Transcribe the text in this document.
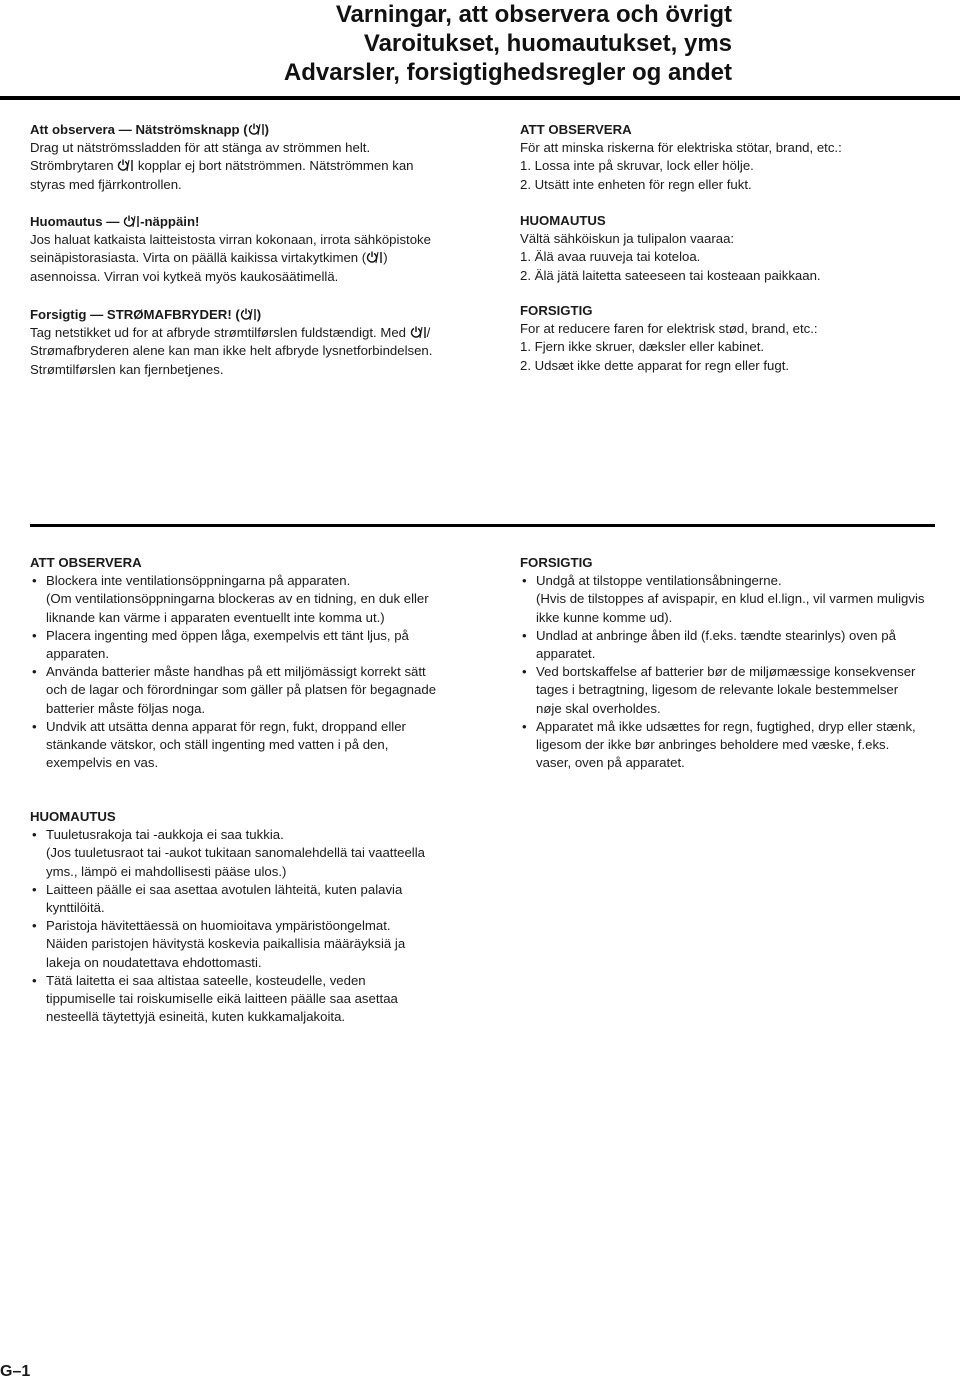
Varningar, att observera och övrigt
Varoitukset, huomautukset, yms
Advarsler, forsigtighedsregler og andet

Att observera — Nätströmsknapp ( )

Drag ut nätströmssladden för att stänga av strömmen helt.

Strömbrytaren kopplar ej bort nätströmmen. Nätströmmen kan

styras med fjärrkontrollen.

Huomautus — -näppäin!

Jos haluat katkaista laitteistosta virran kokonaan, irrota sähköpistoke

seinäpistorasiasta. Virta on päällä kaikissa virtakytkimen ( )

asennoissa. Virran voi kytkeä myös kaukosäätimellä.

Forsigtig — STRØMAFBRYDER! ( )

Tag netstikket ud for at afbryde strømtilførslen fuldstændigt. Med /

Strømafbryderen alene kan man ikke helt afbryde lysnetforbindelsen.

Strømtilførslen kan fjernbetjenes.

ATT OBSERVERA

För att minska riskerna för elektriska stötar, brand, etc.:

1. Lossa inte på skruvar, lock eller hölje.
2. Utsätt inte enheten för regn eller fukt.

HUOMAUTUS

Vältä sähköiskun ja tulipalon vaaraa:

1. Älä avaa ruuveja tai koteloa.
2. Älä jätä laitetta sateeseen tai kosteaan paikkaan.

FORSIGTIG

For at reducere faren for elektrisk stød, brand, etc.:

1. Fjern ikke skruer, dæksler eller kabinet.
2. Udsæt ikke dette apparat for regn eller fugt.

ATT OBSERVERA

• Blockera inte ventilationsöppningarna på apparaten.
(Om ventilationsöppningarna blockeras av en tidning, en duk eller
liknande kan värme i apparaten eventuellt inte komma ut.)
• Placera ingenting med öppen låga, exempelvis ett tänt ljus, på
apparaten.
• Använda batterier måste handhas på ett miljömässigt korrekt sätt
och de lagar och förordningar som gäller på platsen för begagnade
batterier måste följas noga.
• Undvik att utsätta denna apparat för regn, fukt, droppand eller
stänkande vätskor, och ställ ingenting med vatten i på den,
exempelvis en vas.

FORSIGTIG

• Undgå at tilstoppe ventilationsåbningerne.
(Hvis de tilstoppes af avispapir, en klud el.lign., vil varmen muligvis
ikke kunne komme ud).
• Undlad at anbringe åben ild (f.eks. tændte stearinlys) oven på
apparatet.
• Ved bortskaffelse af batterier bør de miljømæssige konsekvenser
tages i betragtning, ligesom de relevante lokale bestemmelser
nøje skal overholdes.
• Apparatet må ikke udsættes for regn, fugtighed, dryp eller stænk,
ligesom der ikke bør anbringes beholdere med væske, f.eks.
vaser, oven på apparatet.

HUOMAUTUS

• Tuuletusrakoja tai -aukkoja ei saa tukkia.
(Jos tuuletusraot tai -aukot tukitaan sanomalehdellä tai vaatteella
yms., lämpö ei mahdollisesti pääse ulos.)
• Laitteen päälle ei saa asettaa avotulen lähteitä, kuten palavia
kynttilöitä.
• Paristoja hävitettäessä on huomioitava ympäristöongelmat.
Näiden paristojen hävitystä koskevia paikallisia määräyksiä ja
lakeja on noudatettava ehdottomasti.
• Tätä laitetta ei saa altistaa sateelle, kosteudelle, veden
tippumiselle tai roiskumiselle eikä laitteen päälle saa asettaa
nesteellä täytettyjä esineitä, kuten kukkamaljakoita.
G–1
